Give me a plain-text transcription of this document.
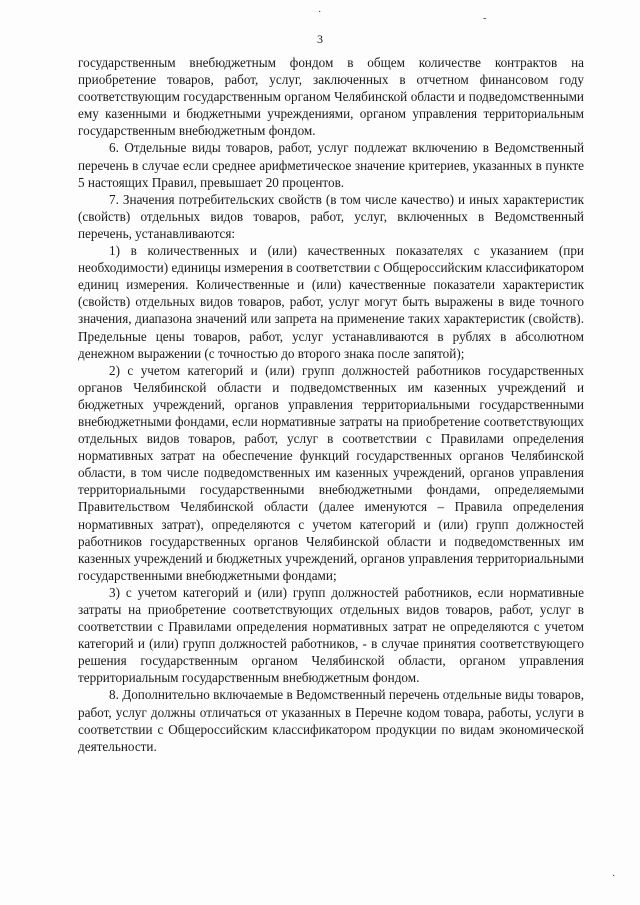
·
-
3

государственным внебюджетным фондом в общем количестве контрактов на приобретение товаров, работ, услуг, заключенных в отчетном финансовом году соответствующим государственным органом Челябинской области и подведомственными ему казенными и бюджетными учреждениями, органом управления территориальным государственным внебюджетным фондом.

6. Отдельные виды товаров, работ, услуг подлежат включению в Ведомственный перечень в случае если среднее арифметическое значение критериев, указанных в пункте 5 настоящих Правил, превышает 20 процентов.

7. Значения потребительских свойств (в том числе качество) и иных характеристик (свойств) отдельных видов товаров, работ, услуг, включенных в Ведомственный перечень, устанавливаются:

1) в количественных и (или) качественных показателях с указанием (при необходимости) единицы измерения в соответствии с Общероссийским классификатором единиц измерения. Количественные и (или) качественные показатели характеристик (свойств) отдельных видов товаров, работ, услуг могут быть выражены в виде точного значения, диапазона значений или запрета на применение таких характеристик (свойств). Предельные цены товаров, работ, услуг устанавливаются в рублях в абсолютном денежном выражении (с точностью до второго знака после запятой);

2) с учетом категорий и (или) групп должностей работников государственных органов Челябинской области и подведомственных им казенных учреждений и бюджетных учреждений, органов управления территориальными государственными внебюджетными фондами, если нормативные затраты на приобретение соответствующих отдельных видов товаров, работ, услуг в соответствии с Правилами определения нормативных затрат на обеспечение функций государственных органов Челябинской области, в том числе подведомственных им казенных учреждений, органов управления территориальными государственными внебюджетными фондами, определяемыми Правительством Челябинской области (далее именуются – Правила определения нормативных затрат), определяются с учетом категорий и (или) групп должностей работников государственных органов Челябинской области и подведомственных им казенных учреждений и бюджетных учреждений, органов управления территориальными государственными внебюджетными фондами;

3) с учетом категорий и (или) групп должностей работников, если нормативные затраты на приобретение соответствующих отдельных видов товаров, работ, услуг в соответствии с Правилами определения нормативных затрат не определяются с учетом категорий и (или) групп должностей работников, - в случае принятия соответствующего решения государственным органом Челябинской области, органом управления территориальным государственным внебюджетным фондом.

8. Дополнительно включаемые в Ведомственный перечень отдельные виды товаров, работ, услуг должны отличаться от указанных в Перечне кодом товара, работы, услуги в соответствии с Общероссийским классификатором продукции по видам экономической деятельности.

·
